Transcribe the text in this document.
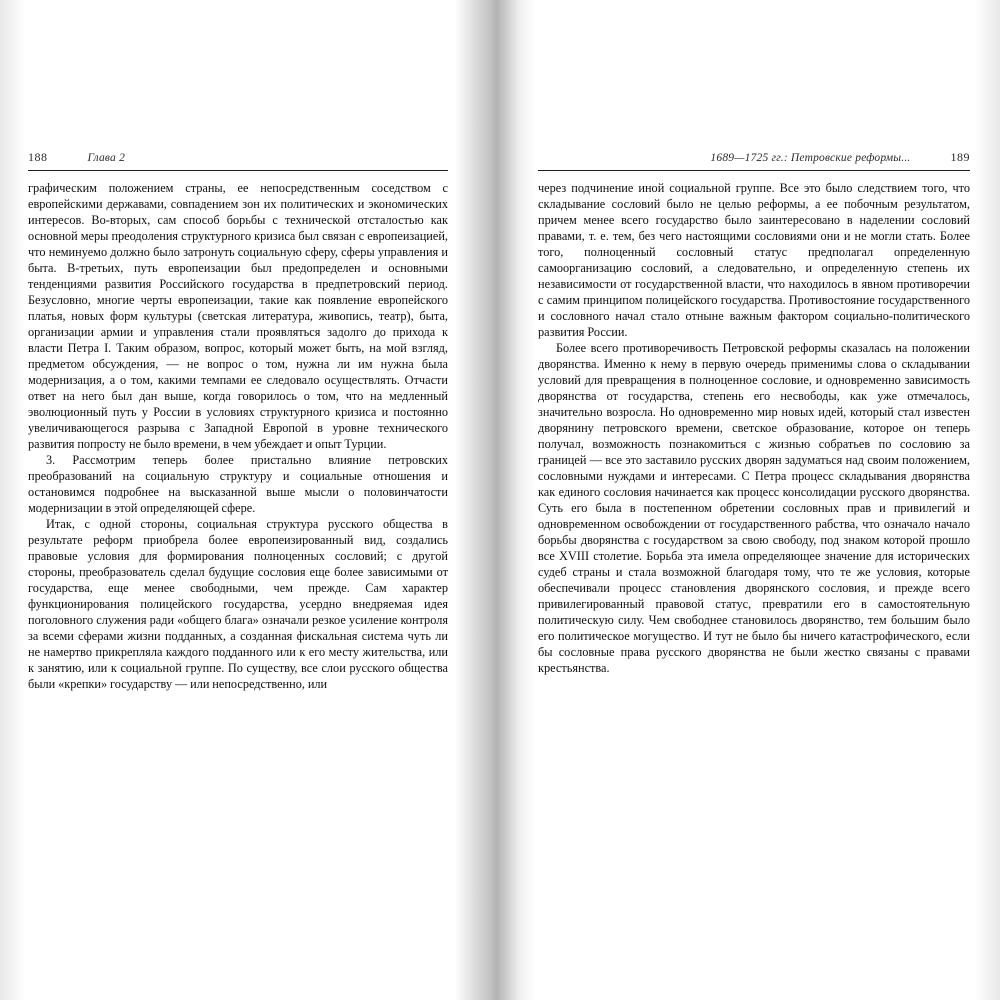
188	Глава 2

графическим положением страны, ее непосредственным соседством с европейскими державами, совпадением зон их политических и экономических интересов. Во-вторых, сам способ борьбы с технической отсталостью как основной меры преодоления структурного кризиса был связан с европеизацией, что неминуемо должно было затронуть социальную сферу, сферы управления и быта. В-третьих, путь европеизации был предопределен и основными тенденциями развития Российского государства в предпетровский период. Безусловно, многие черты европеизации, такие как появление европейского платья, новых форм культуры (светская литература, живопись, театр), быта, организации армии и управления стали проявляться задолго до прихода к власти Петра I. Таким образом, вопрос, который может быть, на мой взгляд, предметом обсуждения, — не вопрос о том, нужна ли им нужна была модернизация, а о том, какими темпами ее следовало осуществлять. Отчасти ответ на него был дан выше, когда говорилось о том, что на медленный эволюционный путь у России в условиях структурного кризиса и постоянно увеличивающегося разрыва с Западной Европой в уровне технического развития попросту не было времени, в чем убеждает и опыт Турции.

3. Рассмотрим теперь более пристально влияние петровских преобразований на социальную структуру и социальные отношения и остановимся подробнее на высказанной выше мысли о половинчатости модернизации в этой определяющей сфере.

Итак, с одной стороны, социальная структура русского общества в результате реформ приобрела более европеизированный вид, создались правовые условия для формирования полноценных сословий; с другой стороны, преобразователь сделал будущие сословия еще более зависимыми от государства, еще менее свободными, чем прежде. Сам характер функционирования полицейского государства, усердно внедряемая идея поголовного служения ради «общего блага» означали резкое усиление контроля за всеми сферами жизни подданных, а созданная фискальная система чуть ли не намертво прикрепляла каждого подданного или к его месту жительства, или к занятию, или к социальной группе. По существу, все слои русского общества были «крепки» государству — или непосредственно, или

1689—1725 гг.: Петровские реформы...	189

через подчинение иной социальной группе. Все это было следствием того, что складывание сословий было не целью реформы, а ее побочным результатом, причем менее всего государство было заинтересовано в наделении сословий правами, т. е. тем, без чего настоящими сословиями они и не могли стать. Более того, полноценный сословный статус предполагал определенную самоорганизацию сословий, а следовательно, и определенную степень их независимости от государственной власти, что находилось в явном противоречии с самим принципом полицейского государства. Противостояние государственного и сословного начал стало отныне важным фактором социально-политического развития России.

Более всего противоречивость Петровской реформы сказалась на положении дворянства. Именно к нему в первую очередь применимы слова о складывании условий для превращения в полноценное сословие, и одновременно зависимость дворянства от государства, степень его несвободы, как уже отмечалось, значительно возросла. Но одновременно мир новых идей, который стал известен дворянину петровского времени, светское образование, которое он теперь получал, возможность познакомиться с жизнью собратьев по сословию за границей — все это заставило русских дворян задуматься над своим положением, сословными нуждами и интересами. С Петра процесс складывания дворянства как единого сословия начинается как процесс консолидации русского дворянства. Суть его была в постепенном обретении сословных прав и привилегий и одновременном освобождении от государственного рабства, что означало начало борьбы дворянства с государством за свою свободу, под знаком которой прошло все XVIII столетие. Борьба эта имела определяющее значение для исторических судеб страны и стала возможной благодаря тому, что те же условия, которые обеспечивали процесс становления дворянского сословия, и прежде всего привилегированный правовой статус, превратили его в самостоятельную политическую силу. Чем свободнее становилось дворянство, тем большим было его политическое могущество. И тут не было бы ничего катастрофического, если бы сословные права русского дворянства не были жестко связаны с правами крестьянства.
